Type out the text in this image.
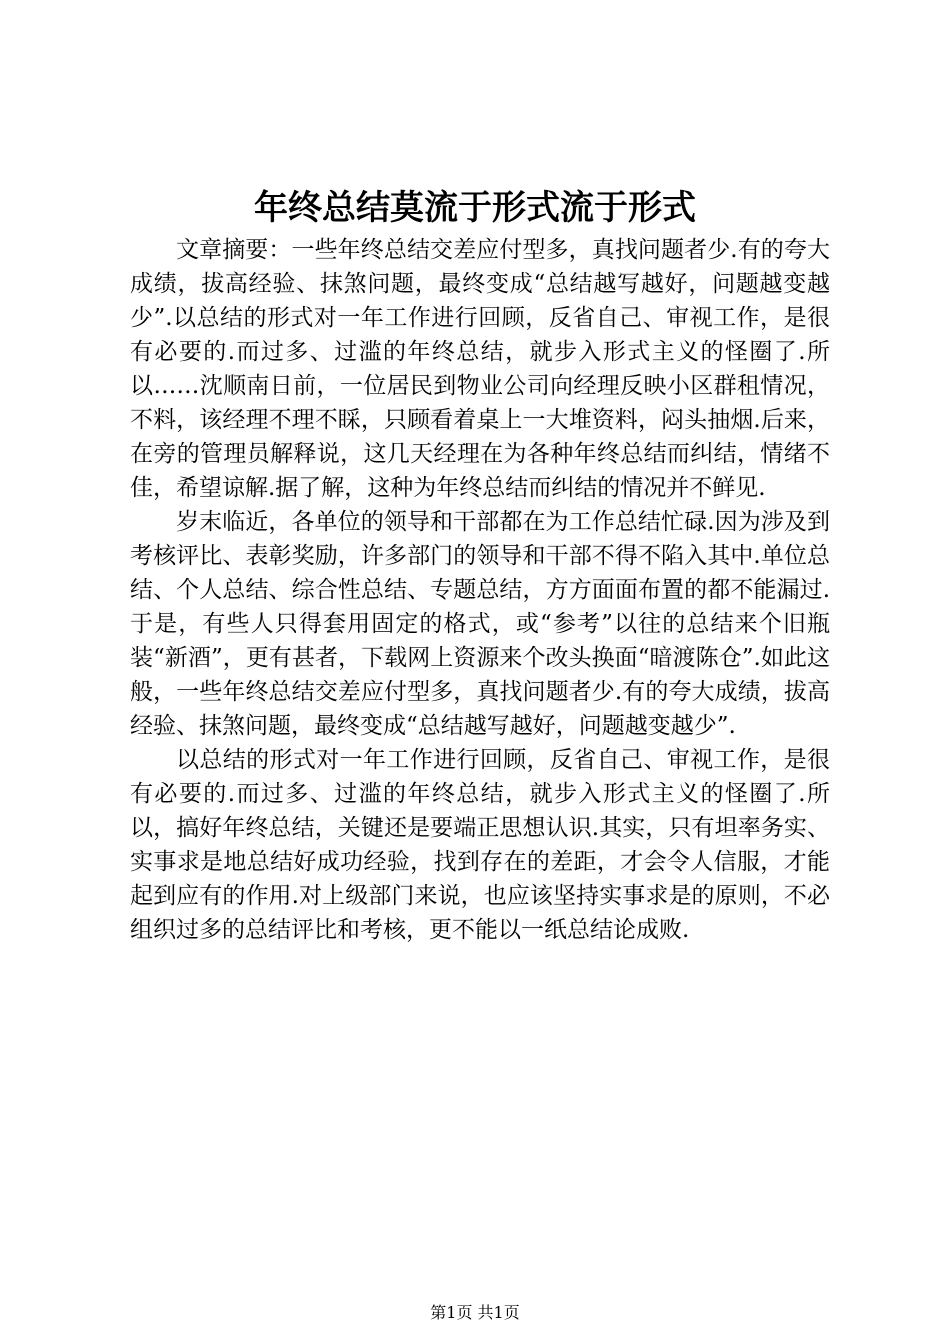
年终总结莫流于形式流于形式

文章摘要：一些年终总结交差应付型多，真找问题者少.有的夸大成绩，拔高经验、抹煞问题，最终变成“总结越写越好，问题越变越少”.以总结的形式对一年工作进行回顾，反省自己、审视工作，是很有必要的.而过多、过滥的年终总结，就步入形式主义的怪圈了.所以……沈顺南日前，一位居民到物业公司向经理反映小区群租情况，不料，该经理不理不睬，只顾看着桌上一大堆资料，闷头抽烟.后来，在旁的管理员解释说，这几天经理在为各种年终总结而纠结，情绪不佳，希望谅解.据了解，这种为年终总结而纠结的情况并不鲜见.

岁末临近，各单位的领导和干部都在为工作总结忙碌.因为涉及到考核评比、表彰奖励，许多部门的领导和干部不得不陷入其中.单位总结、个人总结、综合性总结、专题总结，方方面面布置的都不能漏过.于是，有些人只得套用固定的格式，或“参考”以往的总结来个旧瓶装“新酒”，更有甚者，下载网上资源来个改头换面“暗渡陈仓”.如此这般，一些年终总结交差应付型多，真找问题者少.有的夸大成绩，拔高经验、抹煞问题，最终变成“总结越写越好，问题越变越少”.

以总结的形式对一年工作进行回顾，反省自己、审视工作，是很有必要的.而过多、过滥的年终总结，就步入形式主义的怪圈了.所以，搞好年终总结，关键还是要端正思想认识.其实，只有坦率务实、实事求是地总结好成功经验，找到存在的差距，才会令人信服，才能起到应有的作用.对上级部门来说，也应该坚持实事求是的原则，不必组织过多的总结评比和考核，更不能以一纸总结论成败.

第1页 共1页
